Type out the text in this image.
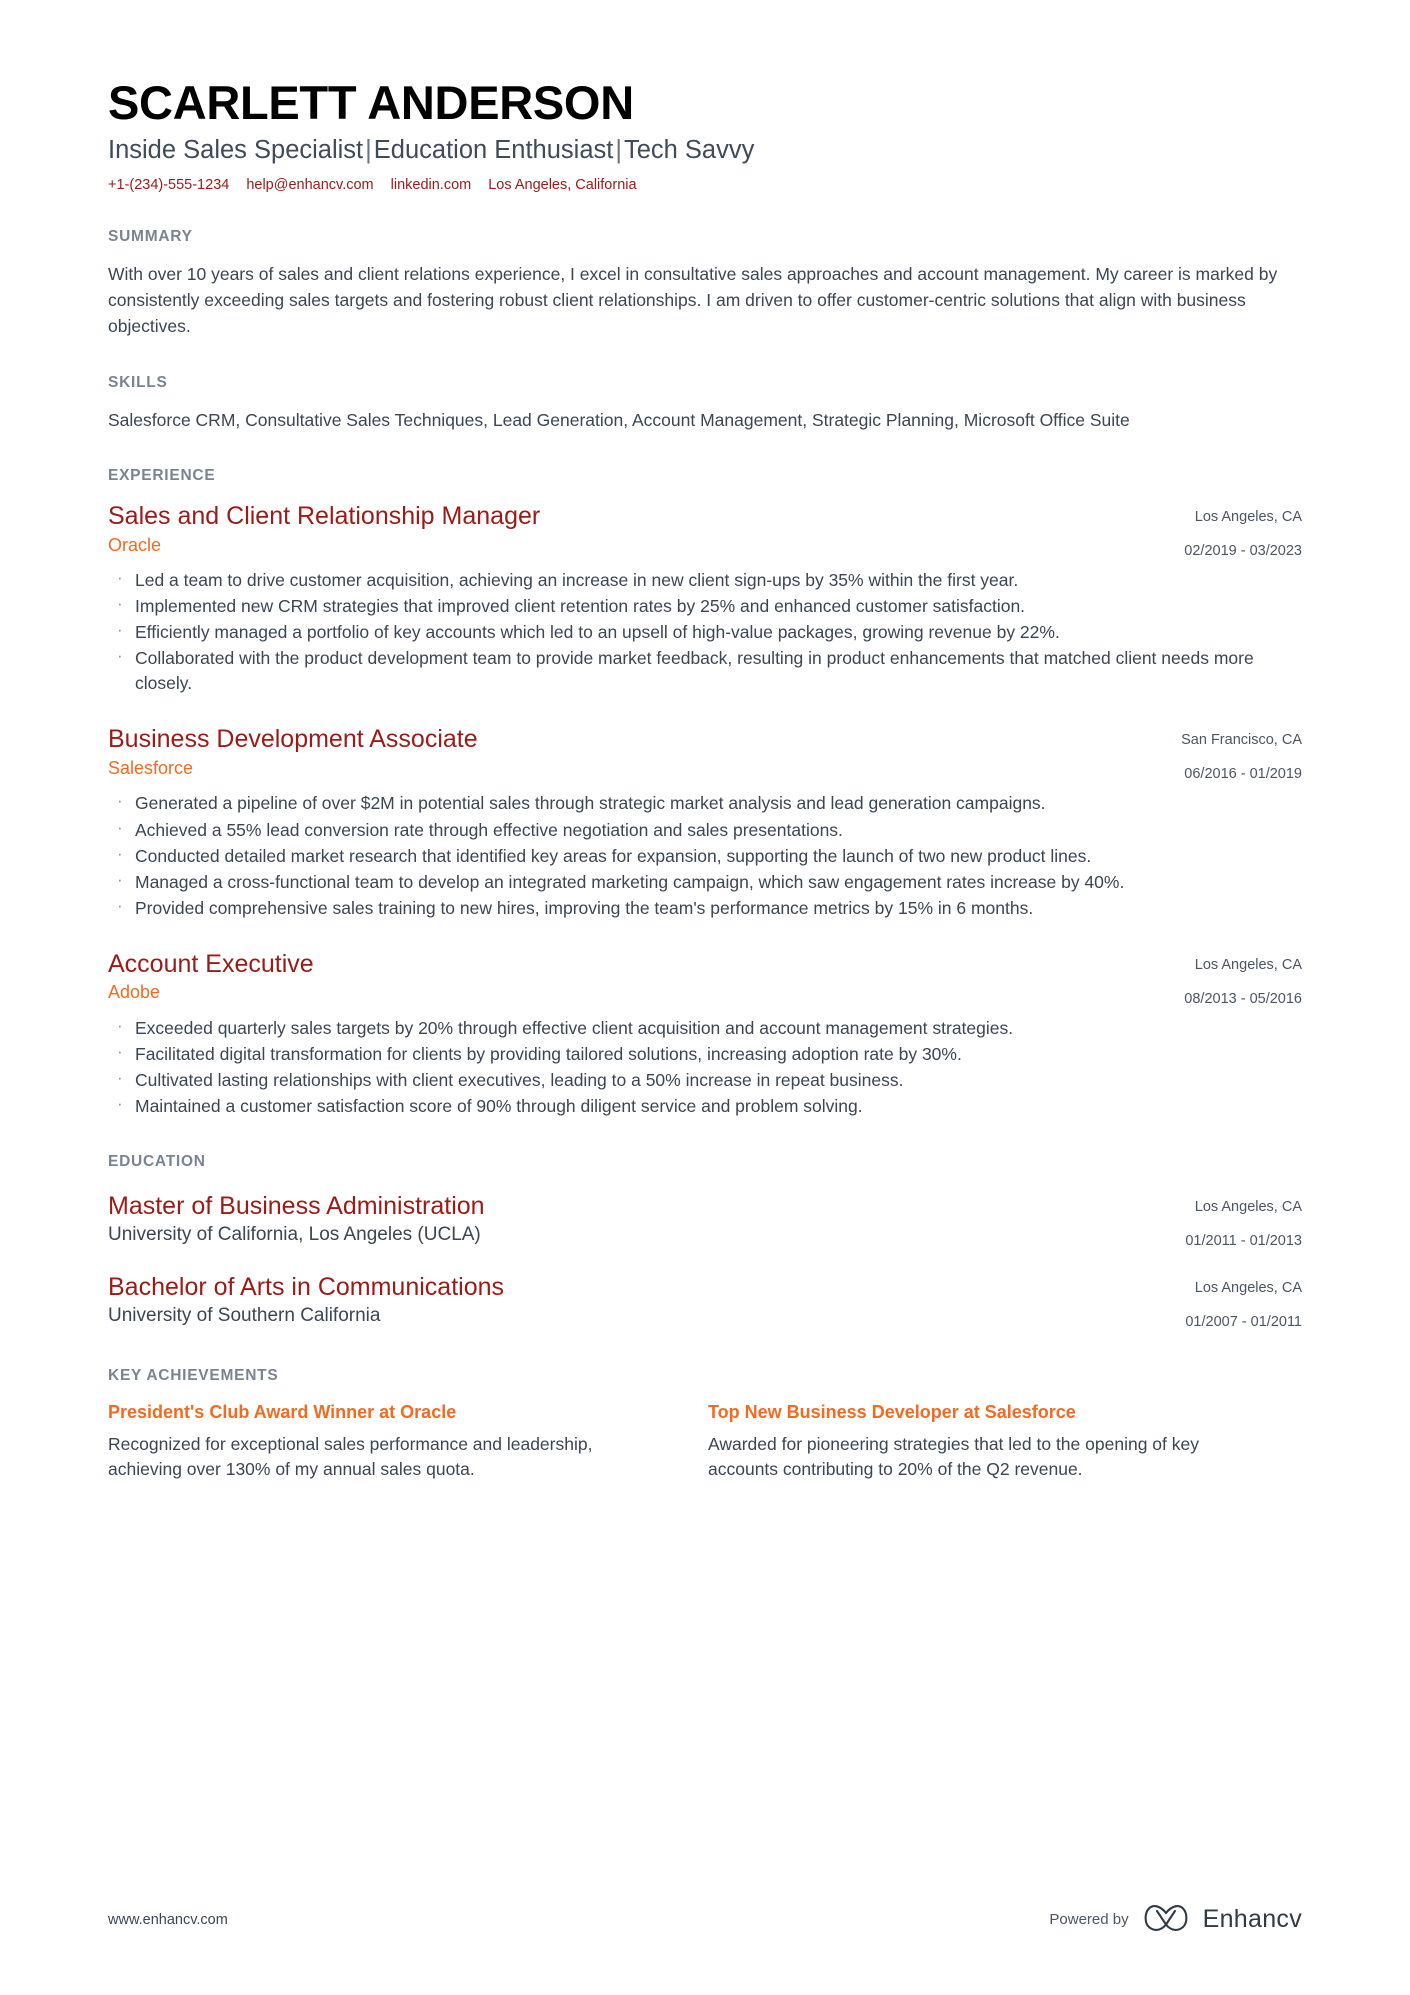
SCARLETT ANDERSON
Inside Sales Specialist|Education Enthusiast|Tech Savvy
+1-(234)-555-1234 help@enhancv.com linkedin.com Los Angeles, California
SUMMARY

With over 10 years of sales and client relations experience, I excel in consultative sales approaches and account management. My career is marked by consistently exceeding sales targets and fostering robust client relationships. I am driven to offer customer-centric solutions that align with business objectives.

SKILLS

Salesforce CRM, Consultative Sales Techniques, Lead Generation, Account Management, Strategic Planning, Microsoft Office Suite

EXPERIENCE
Sales and Client Relationship Manager
Oracle
Los Angeles, CA
02/2019 - 03/2023
· Led a team to drive customer acquisition, achieving an increase in new client sign-ups by 35% within the first year.
· Implemented new CRM strategies that improved client retention rates by 25% and enhanced customer satisfaction.
· Efficiently managed a portfolio of key accounts which led to an upsell of high-value packages, growing revenue by 22%.
· Collaborated with the product development team to provide market feedback, resulting in product enhancements that matched client needs more closely.
Business Development Associate
Salesforce
San Francisco, CA
06/2016 - 01/2019
· Generated a pipeline of over $2M in potential sales through strategic market analysis and lead generation campaigns.
· Achieved a 55% lead conversion rate through effective negotiation and sales presentations.
· Conducted detailed market research that identified key areas for expansion, supporting the launch of two new product lines.
· Managed a cross-functional team to develop an integrated marketing campaign, which saw engagement rates increase by 40%.
· Provided comprehensive sales training to new hires, improving the team's performance metrics by 15% in 6 months.
Account Executive
Adobe
Los Angeles, CA
08/2013 - 05/2016
· Exceeded quarterly sales targets by 20% through effective client acquisition and account management strategies.
· Facilitated digital transformation for clients by providing tailored solutions, increasing adoption rate by 30%.
· Cultivated lasting relationships with client executives, leading to a 50% increase in repeat business.
· Maintained a customer satisfaction score of 90% through diligent service and problem solving.
EDUCATION
Master of Business Administration
University of California, Los Angeles (UCLA)
Los Angeles, CA
01/2011 - 01/2013
Bachelor of Arts in Communications
University of Southern California
Los Angeles, CA
01/2007 - 01/2011
KEY ACHIEVEMENTS
President's Club Award Winner at Oracle
Recognized for exceptional sales performance and leadership, achieving over 130% of my annual sales quota.
Top New Business Developer at Salesforce
Awarded for pioneering strategies that led to the opening of key accounts contributing to 20% of the Q2 revenue.
www.enhancv.com	Powered by	Enhancv
